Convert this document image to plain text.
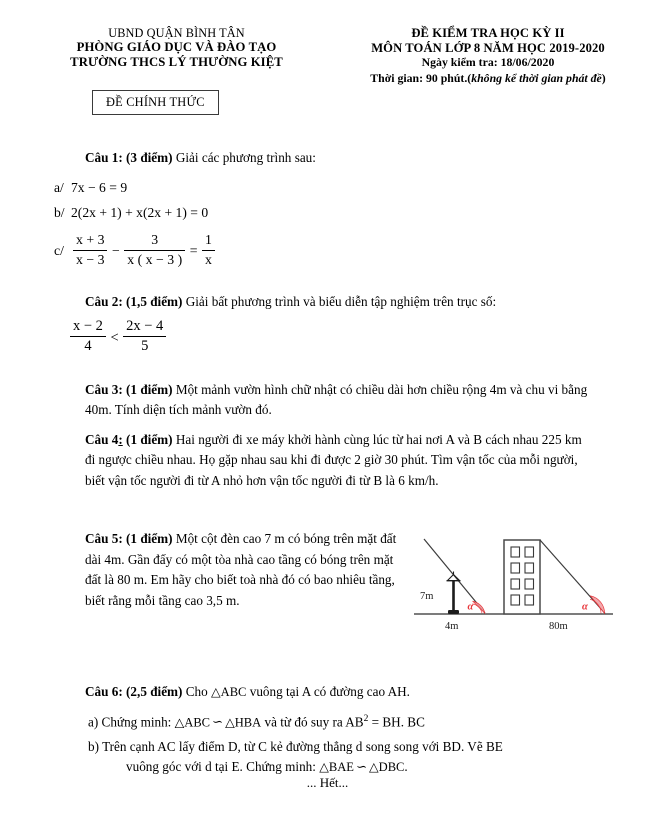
UBND QUẬN BÌNH TÂN
PHÒNG GIÁO DỤC VÀ ĐÀO TẠO
TRƯỜNG THCS LÝ THƯỜNG KIỆT
ĐỀ KIỂM TRA HỌC KỲ II
MÔN TOÁN LỚP 8 NĂM HỌC 2019-2020
Ngày kiểm tra: 18/06/2020
Thời gian: 90 phút.(không kể thời gian phát đề)
ĐỀ CHÍNH THỨC
Câu 1: (3 điểm) Giải các phương trình sau:
a/ 7x − 6 = 9
b/ 2(2x + 1) + x(2x + 1) = 0
$c/ \frac{x + 3}{x - 3} - \frac{3}{x ( x - 3 )} = \frac{1}{x}$
Câu 2: (1,5 điểm) Giải bất phương trình và biểu diễn tập nghiệm trên trục số:
$\frac{x - 2}{4} < \frac{2x - 4}{5}$
Câu 3: (1 điểm) Một mảnh vườn hình chữ nhật có chiều dài hơn chiều rộng 4m và chu vi bằng 40m. Tính diện tích mảnh vườn đó.
Câu 4: (1 điểm) Hai người đi xe máy khởi hành cùng lúc từ hai nơi A và B cách nhau 225 km đi ngược chiều nhau. Họ gặp nhau sau khi đi được 2 giờ 30 phút. Tìm vận tốc của mỗi người, biết vận tốc người đi từ A nhỏ hơn vận tốc người đi từ B là 6 km/h.
Câu 5: (1 điểm) Một cột đèn cao 7 m có bóng trên mặt đất dài 4m. Gần đấy có một tòa nhà cao tầng có bóng trên mặt đất là 80 m. Em hãy cho biết toà nhà đó có bao nhiêu tầng, biết rằng mỗi tầng cao 3,5 m.	α
7m
α
4m	80m
Câu 6: (2,5 điểm) Cho △ABC vuông tại A có đường cao AH.
a) Chứng minh: △ABC ∽ △HBA và từ đó suy ra $AB^2$ = BH. BC
b) Trên cạnh AC lấy điểm D, từ C kẻ đường thẳng d song song với BD. Vẽ BE
vuông góc với d tại E. Chứng minh: △BAE ∽ △DBC.
... Hết...
